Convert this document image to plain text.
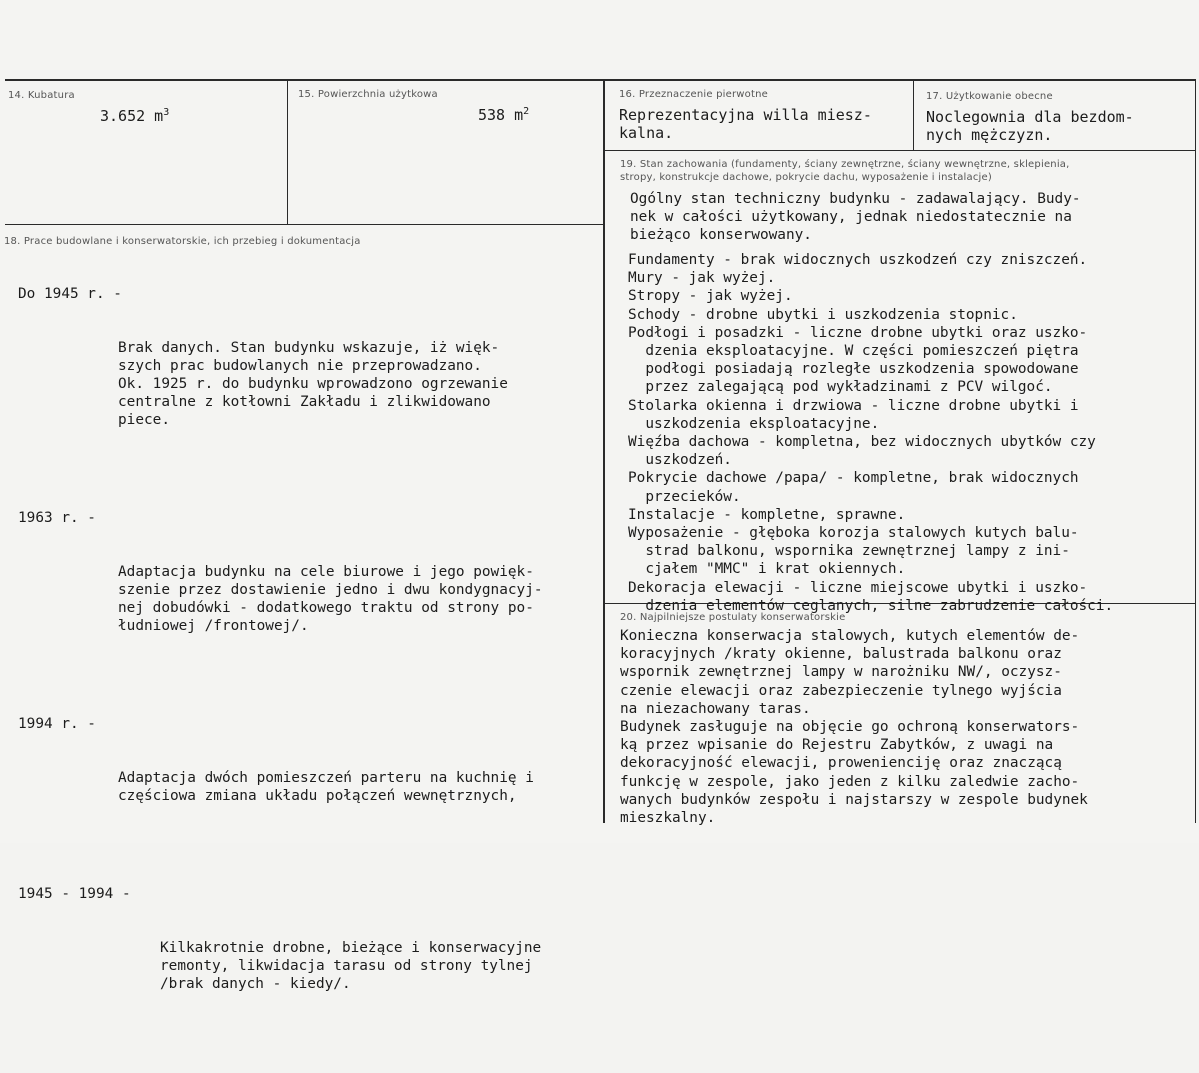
14. Kubatura
3.652 $m^3$
15. Powierzchnia użytkowa
538 $m^2$
16. Przeznaczenie pierwotne
Reprezentacyjna willa miesz-
kalna.
17. Użytkowanie obecne
Noclegownia dla bezdom-
nych mężczyzn.
18. Prace budowlane i konserwatorskie, ich przebieg i dokumentacja

Do 1945 r. -

Brak danych. Stan budynku wskazuje, iż więk-
szych prac budowlanych nie przeprowadzano.
Ok. 1925 r. do budynku wprowadzono ogrzewanie
centralne z kotłowni Zakładu i zlikwidowano
piece.

1963 r. -

Adaptacja budynku na cele biurowe i jego powięk-
szenie przez dostawienie jedno i dwu kondygnacyj-
nej dobudówki - dodatkowego traktu od strony po-
łudniowej /frontowej/.

1994 r. -

Adaptacja dwóch pomieszczeń parteru na kuchnię i
częściowa zmiana układu połączeń wewnętrznych,

1945 - 1994 -

Kilkakrotnie drobne, bieżące i konserwacyjne
remonty, likwidacja tarasu od strony tylnej
/brak danych - kiedy/.

19. Stan zachowania (fundamenty, ściany zewnętrzne, ściany wewnętrzne, sklepienia,
stropy, konstrukcje dachowe, pokrycie dachu, wyposażenie i instalacje)
Ogólny stan techniczny budynku - zadawalający. Budy-
nek w całości użytkowany, jednak niedostatecznie na
bieżąco konserwowany.
Fundamenty - brak widocznych uszkodzeń czy zniszczeń.
Mury - jak wyżej.
Stropy - jak wyżej.
Schody - drobne ubytki i uszkodzenia stopnic.
Podłogi i posadzki - liczne drobne ubytki oraz uszko-
dzenia eksploatacyjne. W części pomieszczeń piętra
podłogi posiadają rozległe uszkodzenia spowodowane
przez zalegającą pod wykładzinami z PCV wilgoć.
Stolarka okienna i drzwiowa - liczne drobne ubytki i
uszkodzenia eksploatacyjne.
Więźba dachowa - kompletna, bez widocznych ubytków czy
uszkodzeń.
Pokrycie dachowe /papa/ - kompletne, brak widocznych
przecieków.
Instalacje - kompletne, sprawne.
Wyposażenie - głęboka korozja stalowych kutych balu-
strad balkonu, wspornika zewnętrznej lampy z ini-
cjałem "MMC" i krat okiennych.
Dekoracja elewacji - liczne miejscowe ubytki i uszko-
dzenia elementów ceglanych, silne zabrudzenie całości.
20. Najpilniejsze postulaty konserwatorskie
Konieczna konserwacja stalowych, kutych elementów de-
koracyjnych /kraty okienne, balustrada balkonu oraz
wspornik zewnętrznej lampy w narożniku NW/, oczysz-
czenie elewacji oraz zabezpieczenie tylnego wyjścia
na niezachowany taras.
Budynek zasługuje na objęcie go ochroną konserwators-
ką przez wpisanie do Rejestru Zabytków, z uwagi na
dekoracyjność elewacji, prowenienciję oraz znaczącą
funkcję w zespole, jako jeden z kilku zaledwie zacho-
wanych budynków zespołu i najstarszy w zespole budynek
mieszkalny.
